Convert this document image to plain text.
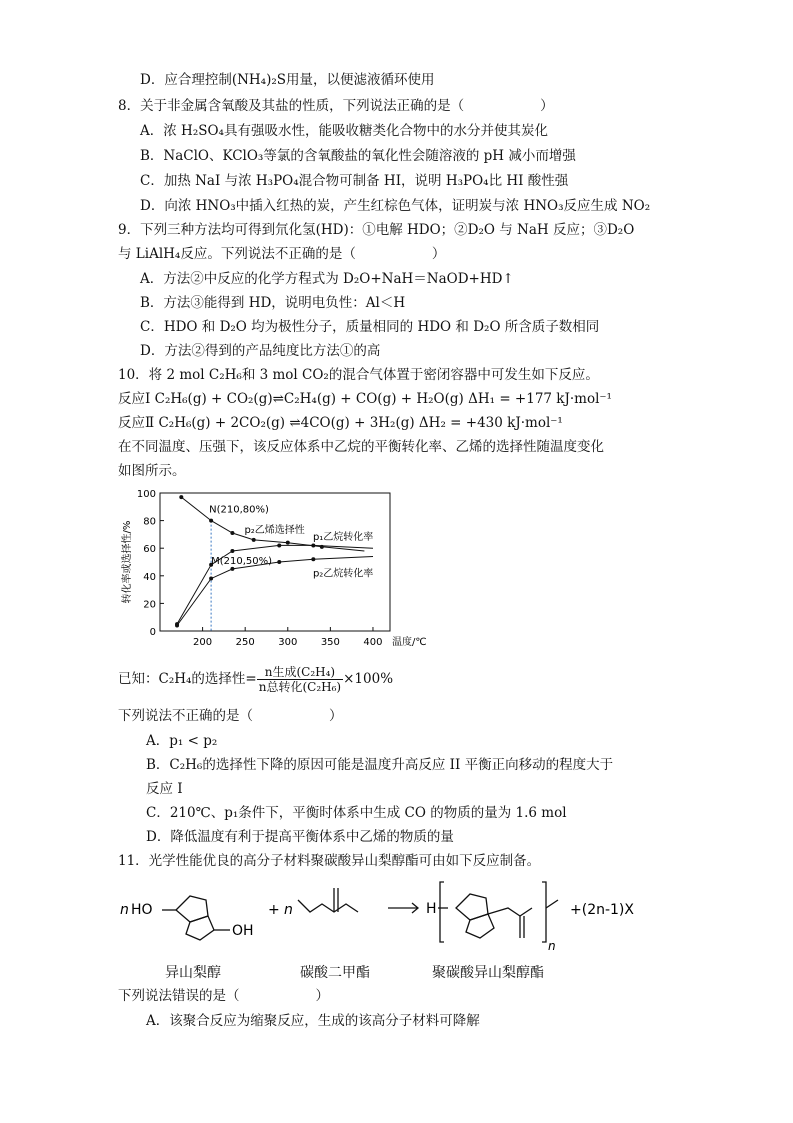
D．应合理控制(NH₄)₂S用量，以便滤液循环使用
8．关于非金属含氧酸及其盐的性质，下列说法正确的是（	）
A．浓 H₂SO₄具有强吸水性，能吸收糖类化合物中的水分并使其炭化
B．NaClO、KClO₃等氯的含氧酸盐的氧化性会随溶液的 pH 减小而增强
C．加热 NaI 与浓 H₃PO₄混合物可制备 HI，说明 H₃PO₄比 HI 酸性强
D．向浓 HNO₃中插入红热的炭，产生红棕色气体，证明炭与浓 HNO₃反应生成 NO₂
9．下列三种方法均可得到氘化氢(HD)：①电解 HDO；②D₂O 与 NaH 反应；③D₂O
与 LiAlH₄反应。下列说法不正确的是（	）
A．方法②中反应的化学方程式为 D₂O+NaH＝NaOD+HD↑
B．方法③能得到 HD，说明电负性：Al＜H
C．HDO 和 D₂O 均为极性分子，质量相同的 HDO 和 D₂O 所含质子数相同
D．方法②得到的产品纯度比方法①的高
10．将 2 mol C₂H₆和 3 mol CO₂的混合气体置于密闭容器中可发生如下反应。
反应Ⅰ C₂H₆(g) + CO₂(g)⇌C₂H₄(g) + CO(g) + H₂O(g) ΔH₁ = +177 kJ·mol⁻¹
反应Ⅱ C₂H₆(g) + 2CO₂(g) ⇌4CO(g) + 3H₂(g) ΔH₂ = +430 kJ·mol⁻¹
在不同温度、压强下，该反应体系中乙烷的平衡转化率、乙烯的选择性随温度变化
如图所示。
0
20
40
60
80
100
200 250 300 350 400 温度/℃
转化率或选择性/%	p₁乙烷转化率
p₂乙烯选择性
p₂乙烷转化率
N(210,80%)
M(210,50%)
已知：C₂H₄的选择性= $\frac{\text{n生成(C₂H₄)}}{\text{n总转化(C₂H₆)}} \times 100\%$
下列说法不正确的是（	）
A．p₁ < p₂
B．C₂H₆的选择性下降的原因可能是温度升高反应 II 平衡正向移动的程度大于
反应 I
C．210℃、p₁条件下，平衡时体系中生成 CO 的物质的量为 1.6 mol
D．降低温度有利于提高平衡体系中乙烯的物质的量
11．光学性能优良的高分子材料聚碳酸异山梨醇酯可由如下反应制备。
n HO
OH
+ n	H
n
+(2n-1)X
异山梨醇	碳酸二甲酯	聚碳酸异山梨醇酯
下列说法错误的是（	）
A．该聚合反应为缩聚反应，生成的该高分子材料可降解
